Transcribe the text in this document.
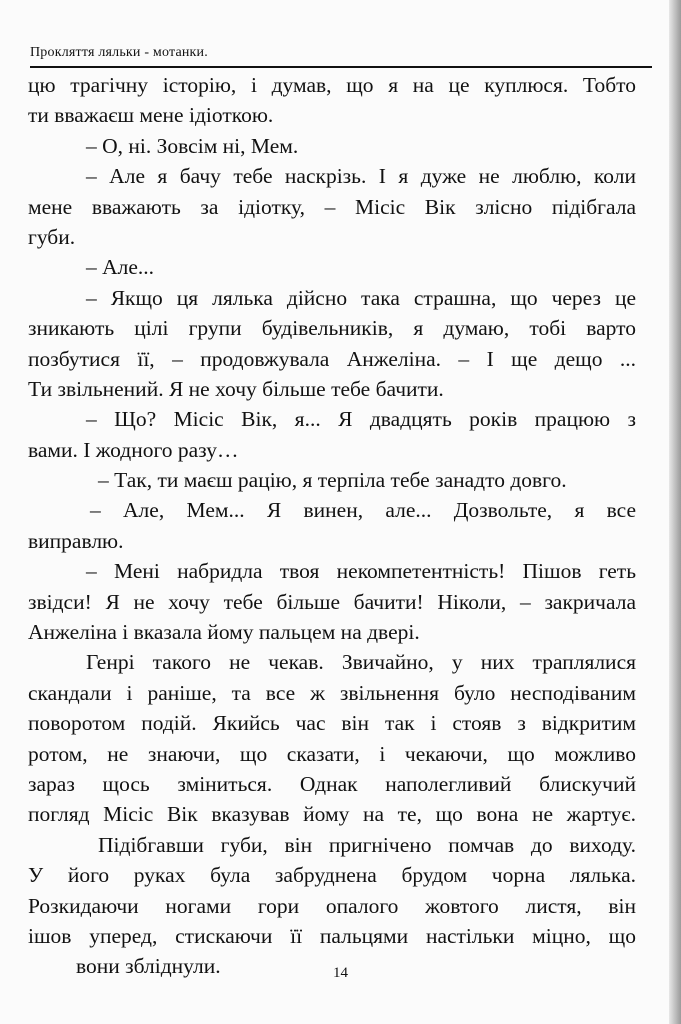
Прокляття ляльки - мотанки.
цю трагічну історію, і думав, що я на це куплюся. Тобто
ти вважаєш мене ідіоткою.
– О, ні. Зовсім ні, Мем.
– Але я бачу тебе наскрізь. І я дуже не люблю, коли
мене вважають за ідіотку, – Місіс Вік злісно підібгала
губи.
– Але...
– Якщо ця лялька дійсно така страшна, що через це
зникають цілі групи будівельників, я думаю, тобі варто
позбутися її, – продовжувала Анжеліна. – І ще дещо ...
Ти звільнений. Я не хочу більше тебе бачити.
– Що? Місіс Вік, я... Я двадцять років працюю з
вами. І жодного разу…
– Так, ти маєш рацію, я терпіла тебе занадто довго.
– Але, Мем... Я винен, але... Дозвольте, я все
виправлю.
– Мені набридла твоя некомпетентність! Пішов геть
звідси! Я не хочу тебе більше бачити! Ніколи, – закричала
Анжеліна і вказала йому пальцем на двері.
Генрі такого не чекав. Звичайно, у них траплялися
скандали і раніше, та все ж звільнення було несподіваним
поворотом подій. Якийсь час він так і стояв з відкритим
ротом, не знаючи, що сказати, і чекаючи, що можливо
зараз щось зміниться. Однак наполегливий блискучий
погляд Місіс Вік вказував йому на те, що вона не жартує.
Підібгавши губи, він пригнічено помчав до виходу.
У його руках була забруднена брудом чорна лялька.
Розкидаючи ногами гори опалого жовтого листя, він
ішов уперед, стискаючи її пальцями настільки міцно, що
вони збліднули.	14
